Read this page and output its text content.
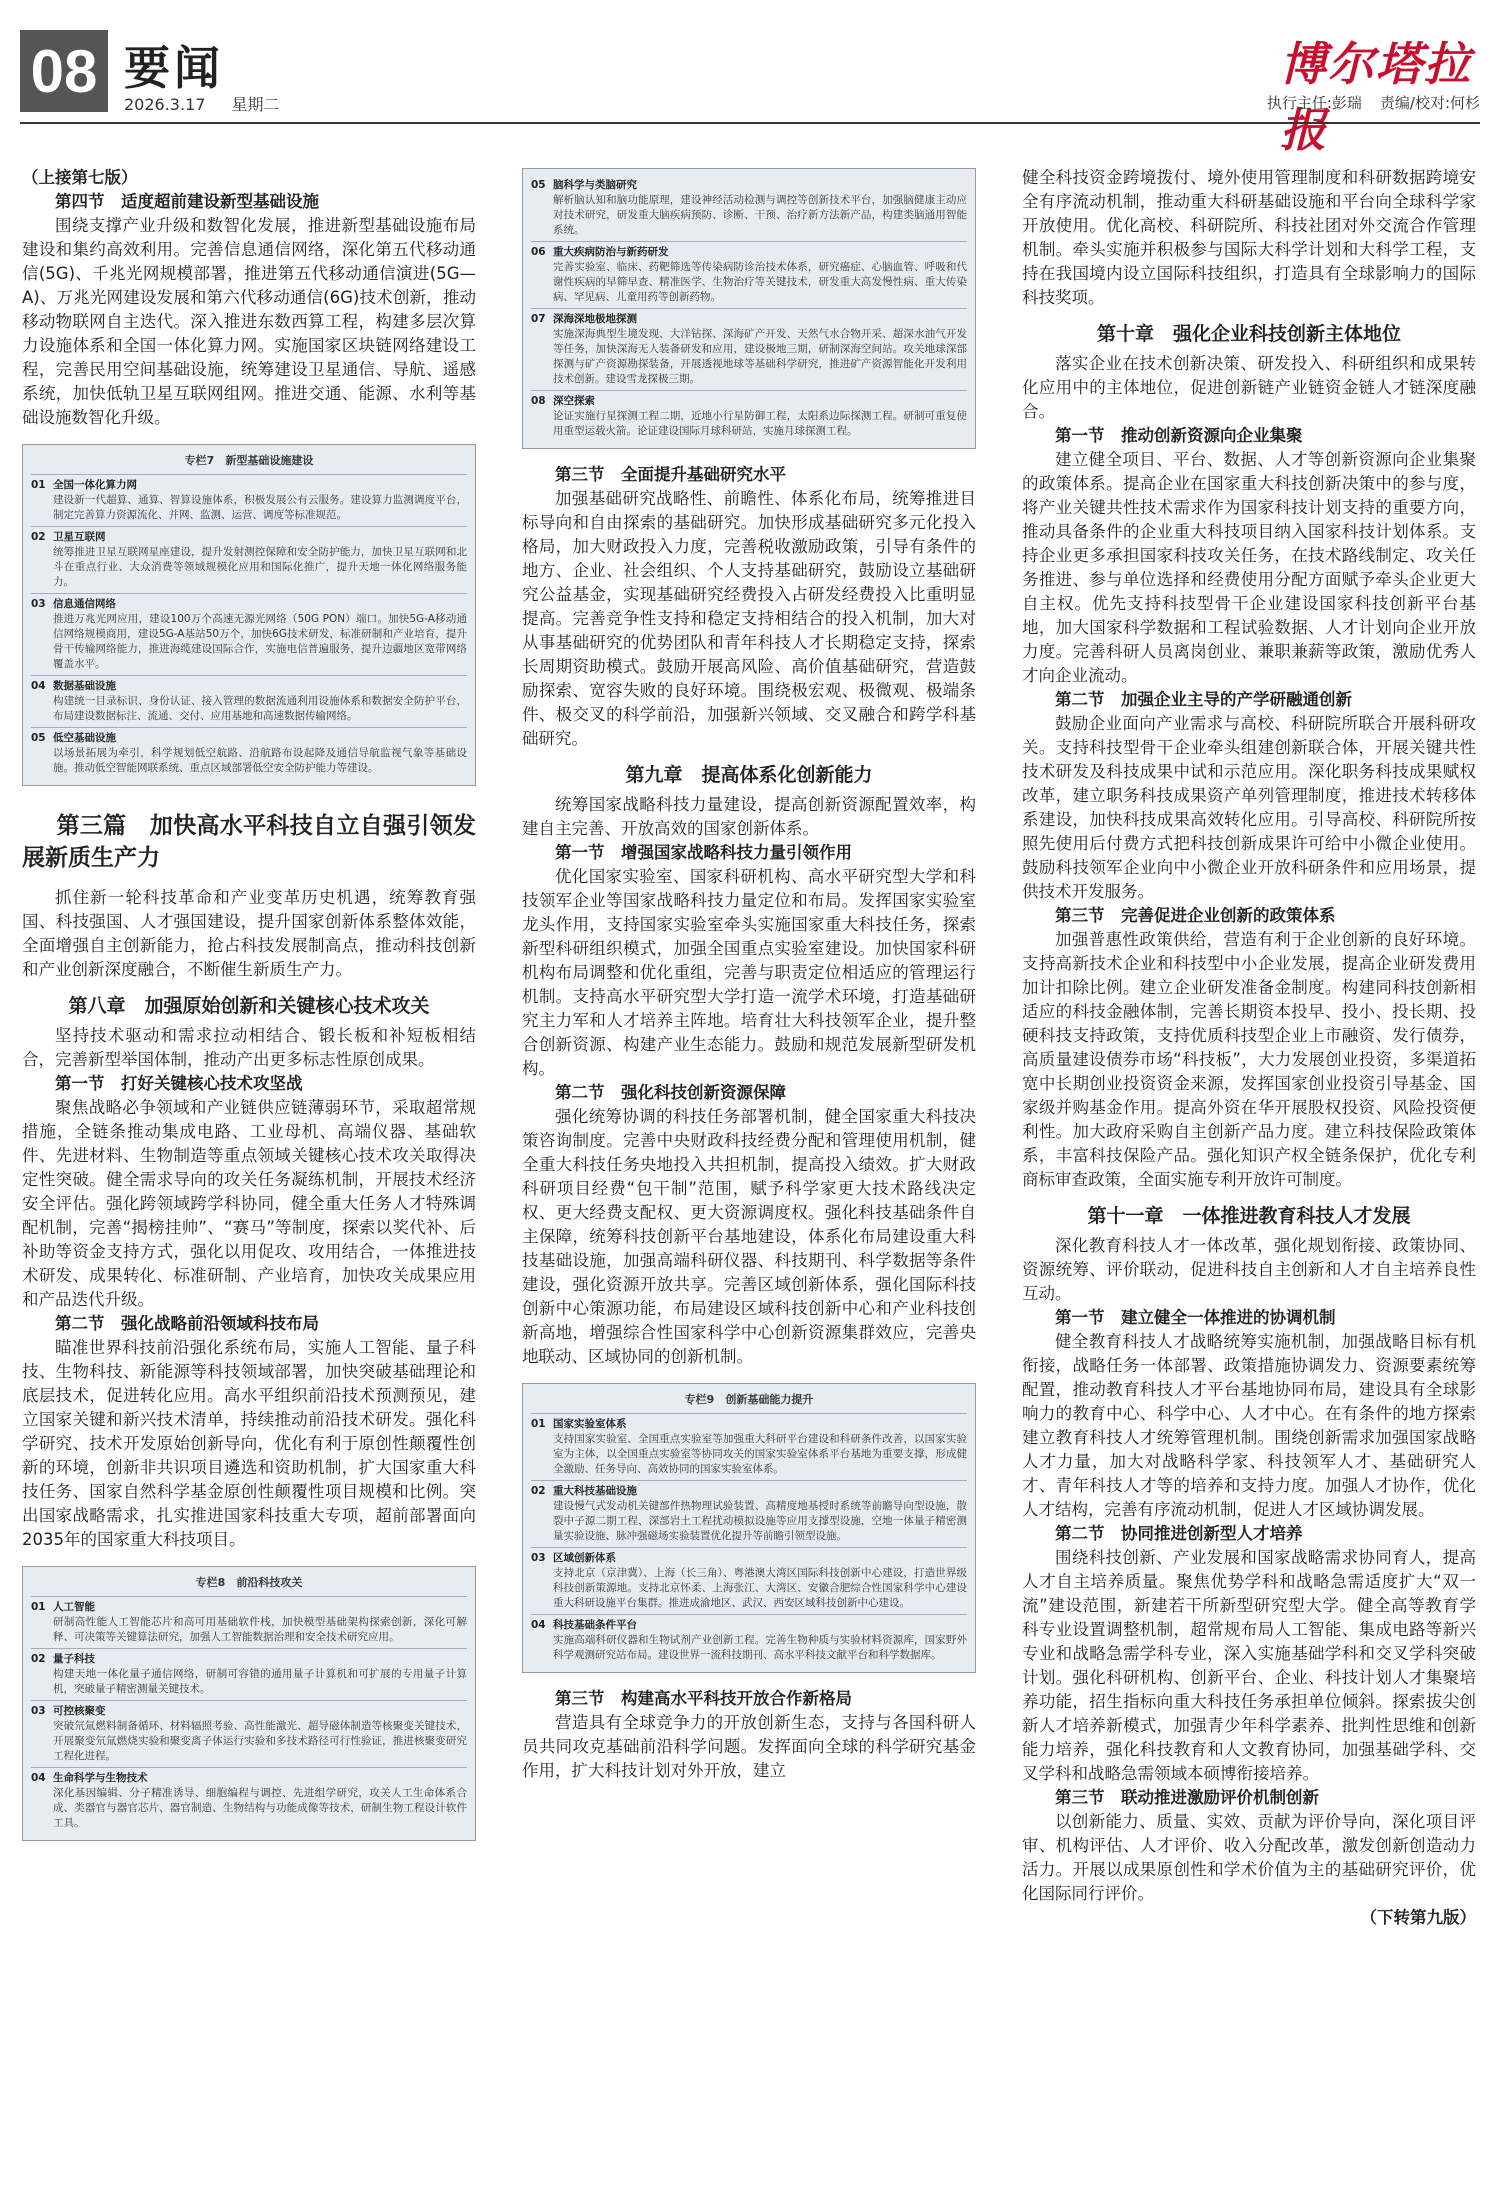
08 要闻
2026.3.17 星期二
博尔塔拉报
执行主任:彭瑞 责编/校对:何杉
（上接第七版）
第四节　适度超前建设新型基础设施
围绕支撑产业升级和数智化发展，推进新型基础设施布局建设和集约高效利用。完善信息通信网络，深化第五代移动通信(5G)、千兆光网规模部署，推进第五代移动通信演进(5G—A)、万兆光网建设发展和第六代移动通信(6G)技术创新，推动移动物联网自主迭代。深入推进东数西算工程，构建多层次算力设施体系和全国一体化算力网。实施国家区块链网络建设工程，完善民用空间基础设施，统筹建设卫星通信、导航、遥感系统，加快低轨卫星互联网组网。推进交通、能源、水利等基础设施数智化升级。
专栏7　新型基础设施建设
01 全国一体化算力网
建设新一代超算、通算、智算设施体系，积极发展公有云服务。建设算力监测调度平台，制定完善算力资源流化、并网、监测、运营、调度等标准规范。
02 卫星互联网
统筹推进卫星互联网星座建设，提升发射测控保障和安全防护能力，加快卫星互联网和北斗在重点行业、大众消费等领域规模化应用和国际化推广，提升天地一体化网络服务能力。
03 信息通信网络
推进万兆光网应用，建设100万个高速无源光网络（50G PON）端口。加快5G-A移动通信网络规模商用，建设5G-A基站50万个，加快6G技术研发，标准研制和产业培育，提升骨干传输网络能力，推进海缆建设国际合作，实施电信普遍服务，提升边疆地区宽带网络覆盖水平。
04 数据基础设施
构建统一目录标识、身份认证、接入管理的数据流通利用设施体系和数据安全防护平台，布局建设数据标注、流通、交付、应用基地和高速数据传输网络。
05 低空基础设施
以场景拓展为牵引，科学规划低空航路、沿航路布设起降及通信导航监视气象等基础设施。推动低空智能网联系统、重点区域部署低空安全防护能力等建设。
第三篇　加快高水平科技自立自强引领发展新质生产力
抓住新一轮科技革命和产业变革历史机遇，统筹教育强国、科技强国、人才强国建设，提升国家创新体系整体效能，全面增强自主创新能力，抢占科技发展制高点，推动科技创新和产业创新深度融合，不断催生新质生产力。
第八章　加强原始创新和关键核心技术攻关
坚持技术驱动和需求拉动相结合、锻长板和补短板相结合，完善新型举国体制，推动产出更多标志性原创成果。
第一节　打好关键核心技术攻坚战
聚焦战略必争领域和产业链供应链薄弱环节，采取超常规措施，全链条推动集成电路、工业母机、高端仪器、基础软件、先进材料、生物制造等重点领域关键核心技术攻关取得决定性突破。健全需求导向的攻关任务凝练机制，开展技术经济安全评估。强化跨领域跨学科协同，健全重大任务人才特殊调配机制，完善“揭榜挂帅”、“赛马”等制度，探索以奖代补、后补助等资金支持方式，强化以用促攻、攻用结合，一体推进技术研发、成果转化、标准研制、产业培育，加快攻关成果应用和产品迭代升级。
第二节　强化战略前沿领域科技布局
瞄准世界科技前沿强化系统布局，实施人工智能、量子科技、生物科技、新能源等科技领域部署，加快突破基础理论和底层技术，促进转化应用。高水平组织前沿技术预测预见，建立国家关键和新兴技术清单，持续推动前沿技术研发。强化科学研究、技术开发原始创新导向，优化有利于原创性颠覆性创新的环境，创新非共识项目遴选和资助机制，扩大国家重大科技任务、国家自然科学基金原创性颠覆性项目规模和比例。突出国家战略需求，扎实推进国家科技重大专项，超前部署面向2035年的国家重大科技项目。
专栏8　前沿科技攻关
01 人工智能
研制高性能人工智能芯片和高可用基础软件栈，加快模型基础架构探索创新，深化可解释、可决策等关键算法研究，加强人工智能数据治理和安全技术研究应用。
02 量子科技
构建天地一体化量子通信网络，研制可容错的通用量子计算机和可扩展的专用量子计算机，突破量子精密测量关键技术。
03 可控核聚变
突破氘氚燃料制备循环、材料辐照考验、高性能激光、超导磁体制造等核聚变关键技术，开展聚变氘氚燃烧实验和聚变离子体运行实验和多技术路径可行性验证，推进核聚变研究工程化进程。
04 生命科学与生物技术
深化基因编辑、分子精准诱导、细胞编程与调控、先进组学研究，攻关人工生命体系合成、类器官与器官芯片、器官制造、生物结构与功能成像等技术，研制生物工程设计软件工具。
05 脑科学与类脑研究
解析脑认知和脑功能原理，建设神经活动检测与调控等创新技术平台，加强脑健康主动应对技术研究，研发重大脑疾病预防、诊断、干预、治疗新方法新产品，构建类脑通用智能系统。
06 重大疾病防治与新药研发
完善实验室、临床、药靶筛选等传染病防诊治技术体系，研究癌症、心脑血管、呼吸和代谢性疾病的早筛早查、精准医学、生物治疗等关键技术，研发重大高发慢性病、重大传染病、罕见病、儿童用药等创新药物。
07 深海深地极地探测
实施深海典型生境发现、大洋钻探、深海矿产开发、天然气水合物开采、超深水油气开发等任务，加快深海无人装备研发和应用，建设极地三期，研制深海空间站。攻关地球深部探测与矿产资源勘探装备，开展透视地球等基础科学研究，推进矿产资源智能化开发利用技术创新。建设雪龙探极三期。
08 深空探索
论证实施行星探测工程二期，近地小行星防御工程，太阳系边际探测工程。研制可重复使用重型运载火箭。论证建设国际月球科研站，实施月球探测工程。
第三节　全面提升基础研究水平
加强基础研究战略性、前瞻性、体系化布局，统筹推进目标导向和自由探索的基础研究。加快形成基础研究多元化投入格局，加大财政投入力度，完善税收激励政策，引导有条件的地方、企业、社会组织、个人支持基础研究，鼓励设立基础研究公益基金，实现基础研究经费投入占研发经费投入比重明显提高。完善竞争性支持和稳定支持相结合的投入机制，加大对从事基础研究的优势团队和青年科技人才长期稳定支持，探索长周期资助模式。鼓励开展高风险、高价值基础研究，营造鼓励探索、宽容失败的良好环境。围绕极宏观、极微观、极端条件、极交叉的科学前沿，加强新兴领域、交叉融合和跨学科基础研究。
第九章　提高体系化创新能力
统筹国家战略科技力量建设，提高创新资源配置效率，构建自主完善、开放高效的国家创新体系。
第一节　增强国家战略科技力量引领作用
优化国家实验室、国家科研机构、高水平研究型大学和科技领军企业等国家战略科技力量定位和布局。发挥国家实验室龙头作用，支持国家实验室牵头实施国家重大科技任务，探索新型科研组织模式，加强全国重点实验室建设。加快国家科研机构布局调整和优化重组，完善与职责定位相适应的管理运行机制。支持高水平研究型大学打造一流学术环境，打造基础研究主力军和人才培养主阵地。培育壮大科技领军企业，提升整合创新资源、构建产业生态能力。鼓励和规范发展新型研发机构。
第二节　强化科技创新资源保障
强化统筹协调的科技任务部署机制，健全国家重大科技决策咨询制度。完善中央财政科技经费分配和管理使用机制，健全重大科技任务央地投入共担机制，提高投入绩效。扩大财政科研项目经费“包干制”范围，赋予科学家更大技术路线决定权、更大经费支配权、更大资源调度权。强化科技基础条件自主保障，统筹科技创新平台基地建设，体系化布局建设重大科技基础设施，加强高端科研仪器、科技期刊、科学数据等条件建设，强化资源开放共享。完善区域创新体系，强化国际科技创新中心策源功能，布局建设区域科技创新中心和产业科技创新高地，增强综合性国家科学中心创新资源集群效应，完善央地联动、区域协同的创新机制。
专栏9　创新基础能力提升
01 国家实验室体系
支持国家实验室、全国重点实验室等加强重大科研平台建设和科研条件改善，以国家实验室为主体，以全国重点实验室等协同攻关的国家实验室体系平台基地为重要支撑，形成健全激励、任务导向、高效协同的国家实验室体系。
02 重大科技基础设施
建设慢气式发动机关键部件热物理试验装置、高精度地基授时系统等前瞻导向型设施，散裂中子源二期工程、深部岩土工程扰动模拟设施等应用支撑型设施，空地一体量子精密测量实验设施、脉冲强磁场实验装置优化提升等前瞻引领型设施。
03 区域创新体系
支持北京（京津冀）、上海（长三角）、粤港澳大湾区国际科技创新中心建设，打造世界级科技创新策源地。支持北京怀柔、上海张江、大湾区、安徽合肥综合性国家科学中心建设重大科研设施平台集群。推进成渝地区、武汉、西安区域科技创新中心建设。
04 科技基础条件平台
实施高端科研仪器和生物试剂产业创新工程。完善生物种质与实验材料资源库，国家野外科学观测研究站布局。建设世界一流科技期刊、高水平科技文献平台和科学数据库。
第三节　构建高水平科技开放合作新格局
营造具有全球竞争力的开放创新生态，支持与各国科研人员共同攻克基础前沿科学问题。发挥面向全球的科学研究基金作用，扩大科技计划对外开放，建立
健全科技资金跨境拨付、境外使用管理制度和科研数据跨境安全有序流动机制，推动重大科研基础设施和平台向全球科学家开放使用。优化高校、科研院所、科技社团对外交流合作管理机制。牵头实施并积极参与国际大科学计划和大科学工程，支持在我国境内设立国际科技组织，打造具有全球影响力的国际科技奖项。
第十章　强化企业科技创新主体地位
落实企业在技术创新决策、研发投入、科研组织和成果转化应用中的主体地位，促进创新链产业链资金链人才链深度融合。
第一节　推动创新资源向企业集聚
建立健全项目、平台、数据、人才等创新资源向企业集聚的政策体系。提高企业在国家重大科技创新决策中的参与度，将产业关键共性技术需求作为国家科技计划支持的重要方向，推动具备条件的企业重大科技项目纳入国家科技计划体系。支持企业更多承担国家科技攻关任务，在技术路线制定、攻关任务推进、参与单位选择和经费使用分配方面赋予牵头企业更大自主权。优先支持科技型骨干企业建设国家科技创新平台基地，加大国家科学数据和工程试验数据、人才计划向企业开放力度。完善科研人员离岗创业、兼职兼薪等政策，激励优秀人才向企业流动。
第二节　加强企业主导的产学研融通创新
鼓励企业面向产业需求与高校、科研院所联合开展科研攻关。支持科技型骨干企业牵头组建创新联合体，开展关键共性技术研发及科技成果中试和示范应用。深化职务科技成果赋权改革，建立职务科技成果资产单列管理制度，推进技术转移体系建设，加快科技成果高效转化应用。引导高校、科研院所按照先使用后付费方式把科技创新成果许可给中小微企业使用。鼓励科技领军企业向中小微企业开放科研条件和应用场景，提供技术开发服务。
第三节　完善促进企业创新的政策体系
加强普惠性政策供给，营造有利于企业创新的良好环境。支持高新技术企业和科技型中小企业发展，提高企业研发费用加计扣除比例。建立企业研发准备金制度。构建同科技创新相适应的科技金融体制，完善长期资本投早、投小、投长期、投硬科技支持政策，支持优质科技型企业上市融资、发行债券，高质量建设债券市场“科技板”，大力发展创业投资，多渠道拓宽中长期创业投资资金来源，发挥国家创业投资引导基金、国家级并购基金作用。提高外资在华开展股权投资、风险投资便利性。加大政府采购自主创新产品力度。建立科技保险政策体系，丰富科技保险产品。强化知识产权全链条保护，优化专利商标审查政策，全面实施专利开放许可制度。
第十一章　一体推进教育科技人才发展
深化教育科技人才一体改革，强化规划衔接、政策协同、资源统筹、评价联动，促进科技自主创新和人才自主培养良性互动。
第一节　建立健全一体推进的协调机制
健全教育科技人才战略统筹实施机制，加强战略目标有机衔接，战略任务一体部署、政策措施协调发力、资源要素统筹配置，推动教育科技人才平台基地协同布局，建设具有全球影响力的教育中心、科学中心、人才中心。在有条件的地方探索建立教育科技人才统筹管理机制。围绕创新需求加强国家战略人才力量，加大对战略科学家、科技领军人才、基础研究人才、青年科技人才等的培养和支持力度。加强人才协作，优化人才结构，完善有序流动机制，促进人才区域协调发展。
第二节　协同推进创新型人才培养
围绕科技创新、产业发展和国家战略需求协同育人，提高人才自主培养质量。聚焦优势学科和战略急需适度扩大“双一流”建设范围，新建若干所新型研究型大学。健全高等教育学科专业设置调整机制，超常规布局人工智能、集成电路等新兴专业和战略急需学科专业，深入实施基础学科和交叉学科突破计划。强化科研机构、创新平台、企业、科技计划人才集聚培养功能，招生指标向重大科技任务承担单位倾斜。探索拔尖创新人才培养新模式，加强青少年科学素养、批判性思维和创新能力培养，强化科技教育和人文教育协同，加强基础学科、交叉学科和战略急需领域本硕博衔接培养。
第三节　联动推进激励评价机制创新
以创新能力、质量、实效、贡献为评价导向，深化项目评审、机构评估、人才评价、收入分配改革，激发创新创造动力活力。开展以成果原创性和学术价值为主的基础研究评价，优化国际同行评价。
（下转第九版）
